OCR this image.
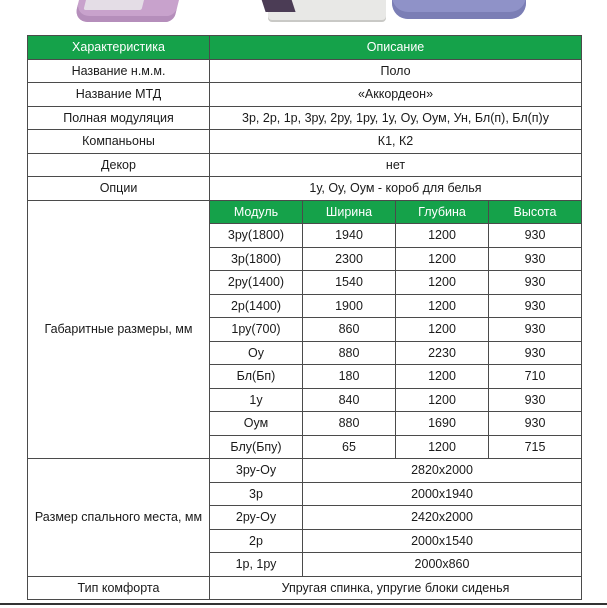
Характеристика	Описание			
Название н.м.м.	Поло			
Название МТД	«Аккордеон»			
Полная модуляция	3р, 2р, 1р, 3ру, 2ру, 1ру, 1у, Оу, Оум, Ун, Бл(п), Бл(п)у			
Компаньоны	К1, К2			
Декор	нет			
Опции	1у, Оу, Оум - короб для белья			
Габаритные размеры, мм	Модуль	Ширина	Глубина	Высота
	3ру(1800)	1940	1200	930
	3р(1800)	2300	1200	930
	2ру(1400)	1540	1200	930
	2р(1400)	1900	1200	930
	1ру(700)	860	1200	930
	Оу	880	2230	930
	Бл(Бп)	180	1200	710
	1у	840	1200	930
	Оум	880	1690	930
	Блу(Бпу)	65	1200	715
Размер спального места, мм	3ру-Оу	2820х2000		
	3р	2000х1940		
	2ру-Оу	2420х2000		
	2р	2000х1540		
	1р, 1ру	2000х860		
Тип комфорта	Упругая спинка, упругие блоки сиденья			
